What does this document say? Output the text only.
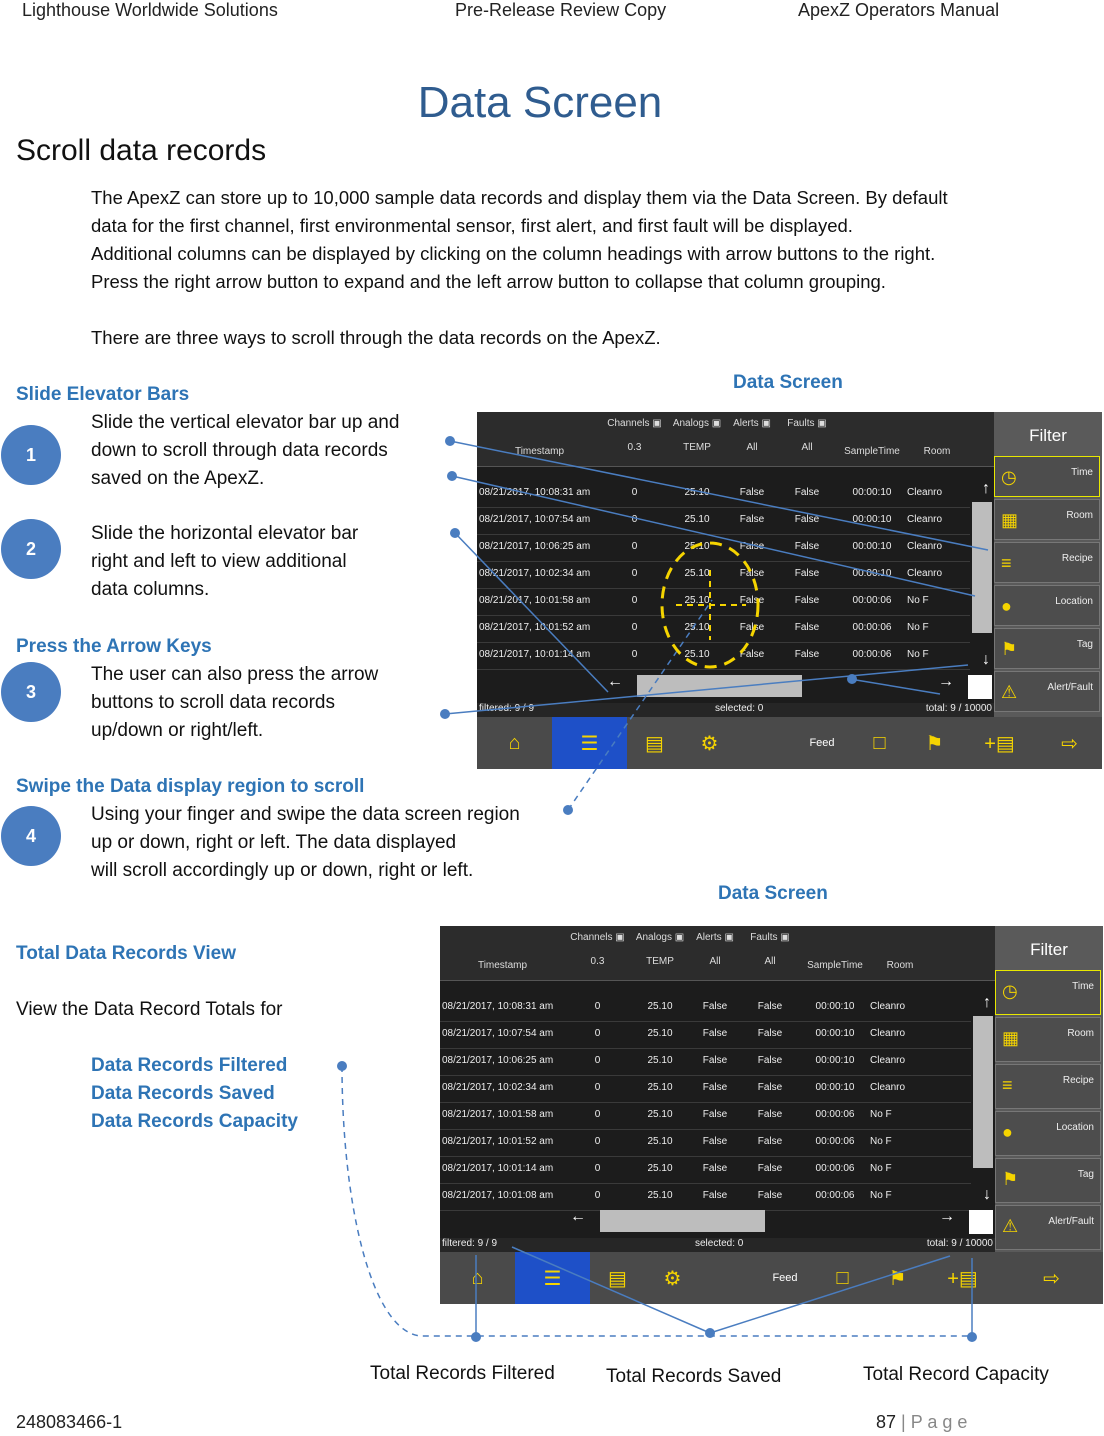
Lighthouse Worldwide Solutions	Pre-Release Review Copy	ApexZ Operators Manual
Data Screen
Scroll data records
The ApexZ can store up to 10,000 sample data records and display them via the Data Screen. By default
data for the first channel, first environmental sensor, first alert, and first fault will be displayed.
Additional columns can be displayed by clicking on the column headings with arrow buttons to the right.
Press the right arrow button to expand and the left arrow button to collapse that column grouping.
There are three ways to scroll through the data records on the ApexZ.
Slide Elevator Bars
1
Slide the vertical elevator bar up and
down to scroll through data records
saved on the ApexZ.
2
Slide the horizontal elevator bar
right and left to view additional
data columns.
Press the Arrow Keys
3
The user can also press the arrow
buttons to scroll data records
up/down or right/left.
Swipe the Data display region to scroll
4
Using your finger and swipe the data screen region
up or down, right or left. The data displayed
will scroll accordingly up or down, right or left.
Data Screen
Data Screen
Total Data Records View
View the Data Record Totals for
Data Records Filtered
Data Records Saved
Data Records Capacity
Channels ▣	Analogs ▣	Alerts ▣	Faults ▣
Timestamp	0.3	TEMP	All	All	SampleTime	Room
08/21/2017, 10:08:31 am	0	25.10	False	False	00:00:10	Cleanro
08/21/2017, 10:07:54 am	0	25.10	False	False	00:00:10	Cleanro
08/21/2017, 10:06:25 am	0	25.10	False	False	00:00:10	Cleanro
08/21/2017, 10:02:34 am	0	25.10	False	False	00:00:10	Cleanro
08/21/2017, 10:01:58 am	0	25.10	False	False	00:00:06	No F
08/21/2017, 10:01:52 am	0	25.10	False	False	00:00:06	No F
08/21/2017, 10:01:14 am	0	25.10	False	False	00:00:06	No F
↑
↓
←	→
filtered: 9 / 9	selected: 0	total: 9 / 10000
Filter
◷	Time
▦	Room
≡	Recipe
●	Location
⚑	Tag
⚠	Alert/Fault
⌂	☰	▤	⚙	Feed	□	⚑	+▤	⇨
Channels ▣	Analogs ▣	Alerts ▣	Faults ▣
Timestamp	0.3	TEMP	All	All	SampleTime	Room
08/21/2017, 10:08:31 am	0	25.10	False	False	00:00:10	Cleanro
08/21/2017, 10:07:54 am	0	25.10	False	False	00:00:10	Cleanro
08/21/2017, 10:06:25 am	0	25.10	False	False	00:00:10	Cleanro
08/21/2017, 10:02:34 am	0	25.10	False	False	00:00:10	Cleanro
08/21/2017, 10:01:58 am	0	25.10	False	False	00:00:06	No F
08/21/2017, 10:01:52 am	0	25.10	False	False	00:00:06	No F
08/21/2017, 10:01:14 am	0	25.10	False	False	00:00:06	No F
08/21/2017, 10:01:08 am	0	25.10	False	False	00:00:06	No F
↑
↓
←	→
filtered: 9 / 9	selected: 0	total: 9 / 10000
Filter
◷	Time
▦	Room
≡	Recipe
●	Location
⚑	Tag
⚠	Alert/Fault
⌂	☰	▤	⚙	Feed	□	⚑	+▤	⇨
Total Records Filtered	Total Records Saved	Total Record Capacity
248083466-1	87 | P a g e
